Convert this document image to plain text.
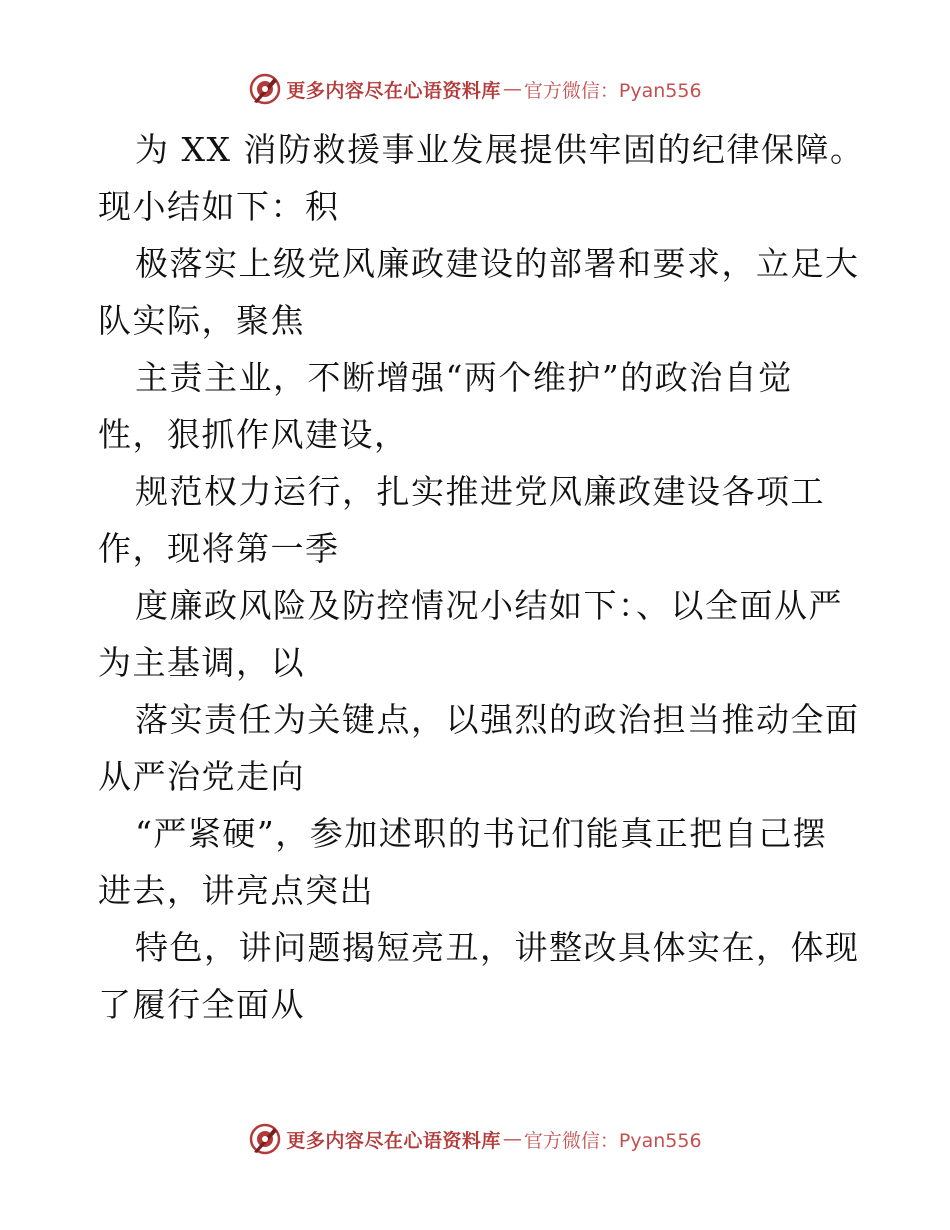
更多内容尽在心语资料库 — 官方微信：Pyan556

为 XX 消防救援事业发展提供牢固的纪律保障。
现小结如下：积

极落实上级党风廉政建设的部署和要求，立足大
队实际，聚焦

主责主业，不断增强“两个维护”的政治自觉
性，狠抓作风建设，

规范权力运行，扎实推进党风廉政建设各项工
作，现将第一季

度廉政风险及防控情况小结如下：、以全面从严
为主基调，以

落实责任为关键点，以强烈的政治担当推动全面
从严治党走向

“严紧硬”，参加述职的书记们能真正把自己摆
进去，讲亮点突出

特色，讲问题揭短亮丑，讲整改具体实在，体现
了履行全面从

更多内容尽在心语资料库 — 官方微信：Pyan556
